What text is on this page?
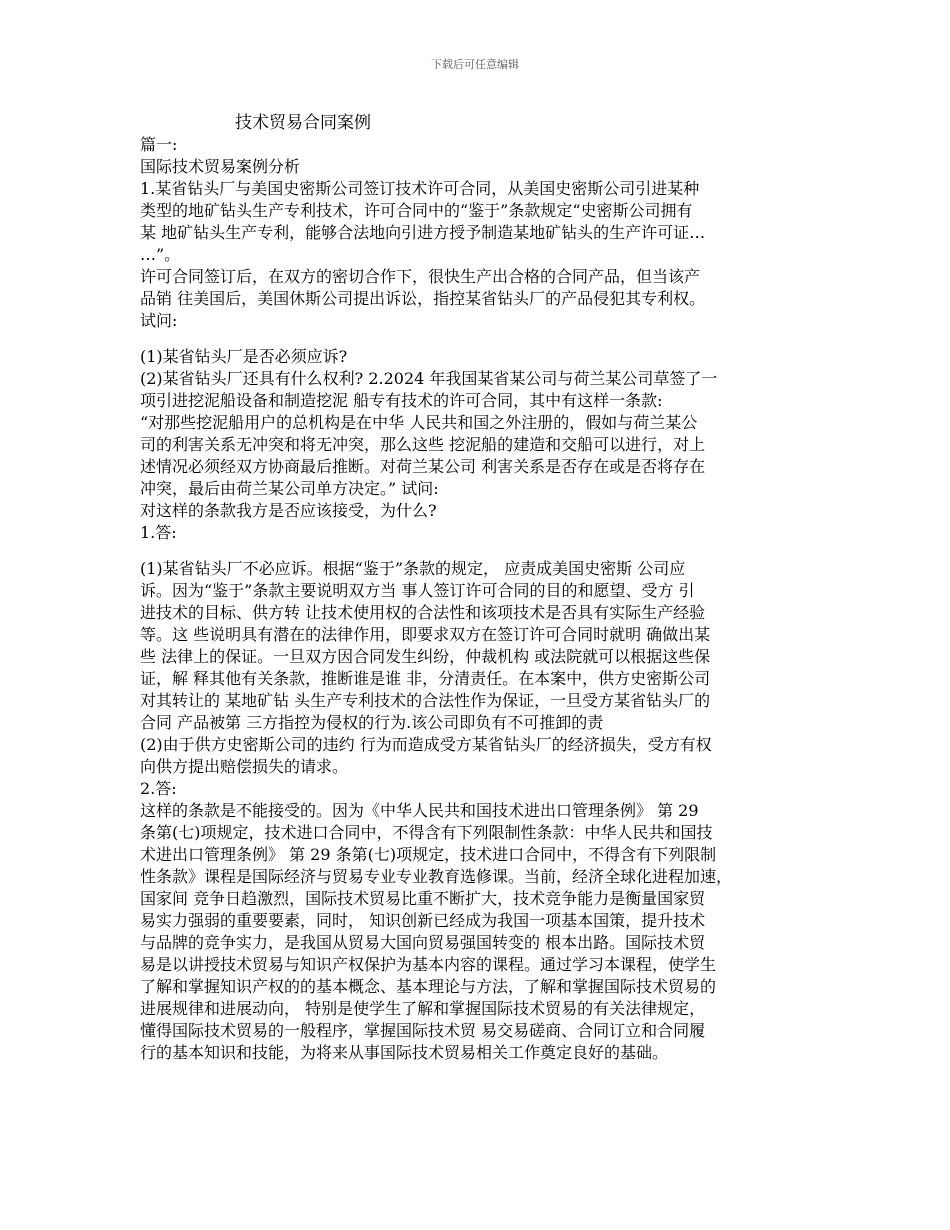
下载后可任意编辑
技术贸易合同案例
篇一:
国际技术贸易案例分析
1.某省钻头厂与美国史密斯公司签订技术许可合同，从美国史密斯公司引进某种
类型的地矿钻头生产专利技术，许可合同中的“鉴于”条款规定“史密斯公司拥有
某 地矿钻头生产专利，能够合法地向引进方授予制造某地矿钻头的生产许可证…
…”。
许可合同签订后，在双方的密切合作下，很快生产出合格的合同产品，但当该产
品销 往美国后，美国休斯公司提出诉讼，指控某省钻头厂的产品侵犯其专利权。
试问:
(1)某省钻头厂是否必须应诉?
(2)某省钻头厂还具有什么权利? 2.2024 年我国某省某公司与荷兰某公司草签了一
项引进挖泥船设备和制造挖泥 船专有技术的许可合同，其中有这样一条款:
“对那些挖泥船用户的总机构是在中华 人民共和国之外注册的，假如与荷兰某公
司的利害关系无冲突和将无冲突，那么这些 挖泥船的建造和交船可以进行，对上
述情况必须经双方协商最后推断。对荷兰某公司 利害关系是否存在或是否将存在
冲突，最后由荷兰某公司单方决定。” 试问:
对这样的条款我方是否应该接受，为什么?
1.答:
(1)某省钻头厂不必应诉。根据“鉴于”条款的规定， 应责成美国史密斯 公司应
诉。因为“鉴于”条款主要说明双方当 事人签订许可合同的目的和愿望、受方 引
进技术的目标、供方转 让技术使用权的合法性和该项技术是否具有实际生产经验
等。这 些说明具有潜在的法律作用，即要求双方在签订许可合同时就明 确做出某
些 法律上的保证。一旦双方因合同发生纠纷，仲裁机构 或法院就可以根据这些保
证，解 释其他有关条款，推断谁是谁 非，分清责任。在本案中，供方史密斯公司
对其转让的 某地矿钻 头生产专利技术的合法性作为保证，一旦受方某省钻头厂的
合同 产品被第 三方指控为侵权的行为.该公司即负有不可推卸的责
(2)由于供方史密斯公司的违约 行为而造成受方某省钻头厂的经济损失，受方有权
向供方提出赔偿损失的请求。
2.答:
这样的条款是不能接受的。因为《中华人民共和国技术进出口管理条例》 第 29
条第(七)项规定，技术进口合同中，不得含有下列限制性条款：中华人民共和国技
术进出口管理条例》 第 29 条第(七)项规定，技术进口合同中，不得含有下列限制
性条款》课程是国际经济与贸易专业专业教育选修课。当前，经济全球化进程加速，
国家间 竞争日趋激烈，国际技术贸易比重不断扩大，技术竞争能力是衡量国家贸
易实力强弱的重要要素，同时， 知识创新已经成为我国一项基本国策，提升技术
与品牌的竞争实力，是我国从贸易大国向贸易强国转变的 根本出路。国际技术贸
易是以讲授技术贸易与知识产权保护为基本内容的课程。通过学习本课程，使学生
了解和掌握知识产权的的基本概念、基本理论与方法，了解和掌握国际技术贸易的
进展规律和进展动向， 特别是使学生了解和掌握国际技术贸易的有关法律规定，
懂得国际技术贸易的一般程序，掌握国际技术贸 易交易磋商、合同订立和合同履
行的基本知识和技能，为将来从事国际技术贸易相关工作奠定良好的基础。
